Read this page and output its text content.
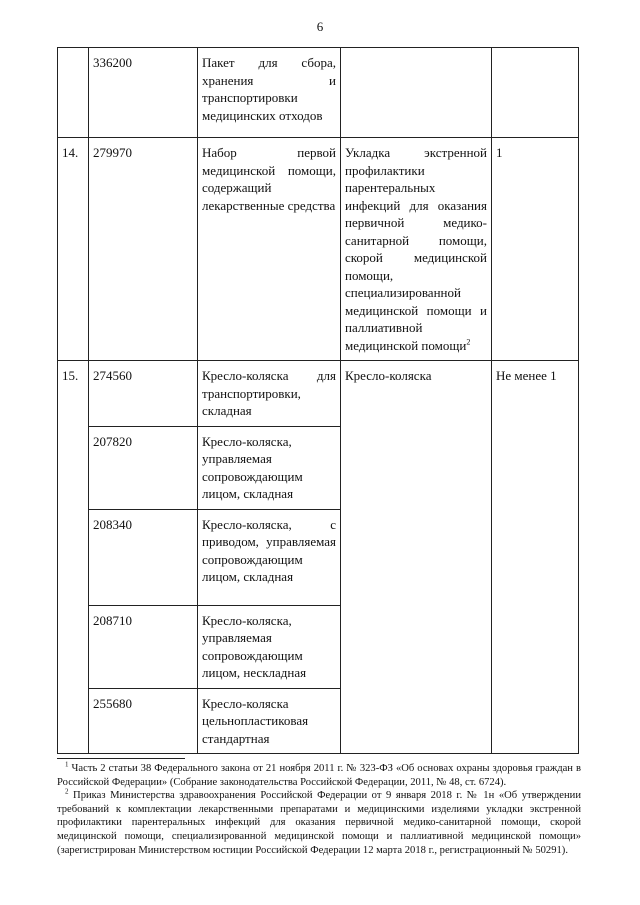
6
	336200	Пакет для сбора, хранения и транспортировки медицинских отходов		
14.	279970	Набор первой медицинской помощи, содержащий лекарственные средства	Укладка экстренной профилактики парентеральных инфекций для оказания первичной медико-санитарной помощи, скорой медицинской помощи, специализированной медицинской помощи и паллиативной медицинской помощи$^2$	1
15.	274560	Кресло-коляска для транспортировки, складная	Кресло-коляска	Не менее 1
	207820	Кресло-коляска, управляемая сопровождающим лицом, складная		
	208340	Кресло-коляска, с приводом, управляемая сопровождающим лицом, складная		
	208710	Кресло-коляска, управляемая сопровождающим лицом, нескладная		
	255680	Кресло-коляска цельнопластиковая стандартная		

$^1$ Часть 2 статьи 38 Федерального закона от 21 ноября 2011 г. № 323-ФЗ «Об основах охраны здоровья граждан в Российской Федерации» (Собрание законодательства Российской Федерации, 2011, № 48, ст. 6724).

$^2$ Приказ Министерства здравоохранения Российской Федерации от 9 января 2018 г. № 1н «Об утверждении требований к комплектации лекарственными препаратами и медицинскими изделиями укладки экстренной профилактики парентеральных инфекций для оказания первичной медико-санитарной помощи, скорой медицинской помощи, специализированной медицинской помощи и паллиативной медицинской помощи» (зарегистрирован Министерством юстиции Российской Федерации 12 марта 2018 г., регистрационный № 50291).
